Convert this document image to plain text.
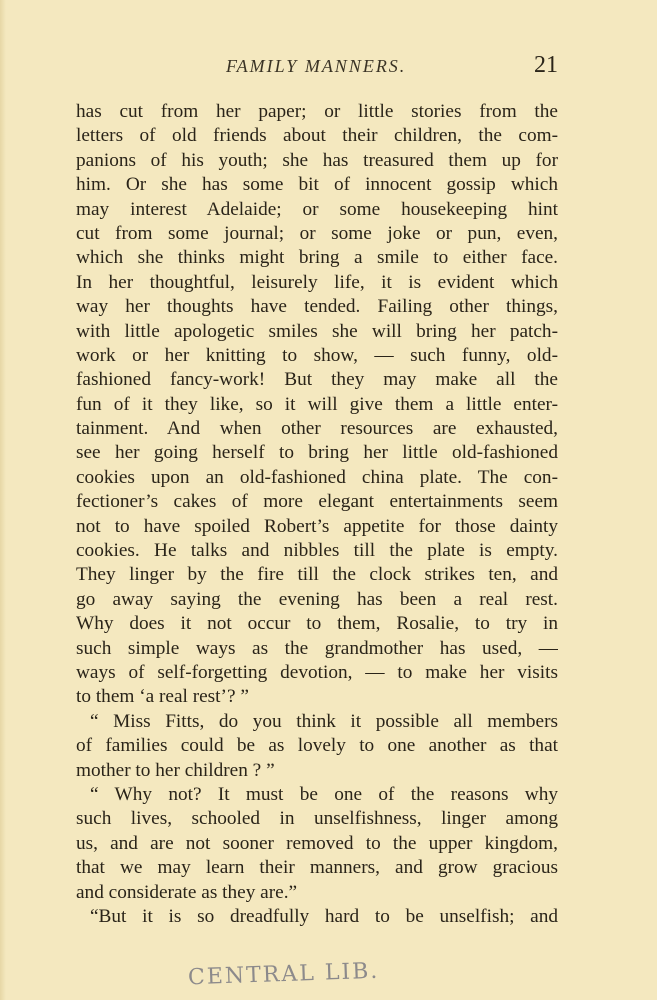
FAMILY MANNERS.	21
has cut from her paper; or little stories from the
letters of old friends about their children, the com-
panions of his youth; she has treasured them up for
him. Or she has some bit of innocent gossip which
may interest Adelaide; or some housekeeping hint
cut from some journal; or some joke or pun, even,
which she thinks might bring a smile to either face.
In her thoughtful, leisurely life, it is evident which
way her thoughts have tended. Failing other things,
with little apologetic smiles she will bring her patch-
work or her knitting to show, — such funny, old-
fashioned fancy-work! But they may make all the
fun of it they like, so it will give them a little enter-
tainment. And when other resources are exhausted,
see her going herself to bring her little old-fashioned
cookies upon an old-fashioned china plate. The con-
fectioner’s cakes of more elegant entertainments seem
not to have spoiled Robert’s appetite for those dainty
cookies. He talks and nibbles till the plate is empty.
They linger by the fire till the clock strikes ten, and
go away saying the evening has been a real rest.
Why does it not occur to them, Rosalie, to try in
such simple ways as the grandmother has used, —
ways of self-forgetting devotion, — to make her visits
to them ‘a real rest’? ”
“ Miss Fitts, do you think it possible all members
of families could be as lovely to one another as that
mother to her children ? ”
“ Why not? It must be one of the reasons why
such lives, schooled in unselfishness, linger among
us, and are not sooner removed to the upper kingdom,
that we may learn their manners, and grow gracious
and considerate as they are.”
“But it is so dreadfully hard to be unselfish; and
CENTRAL LIB.
